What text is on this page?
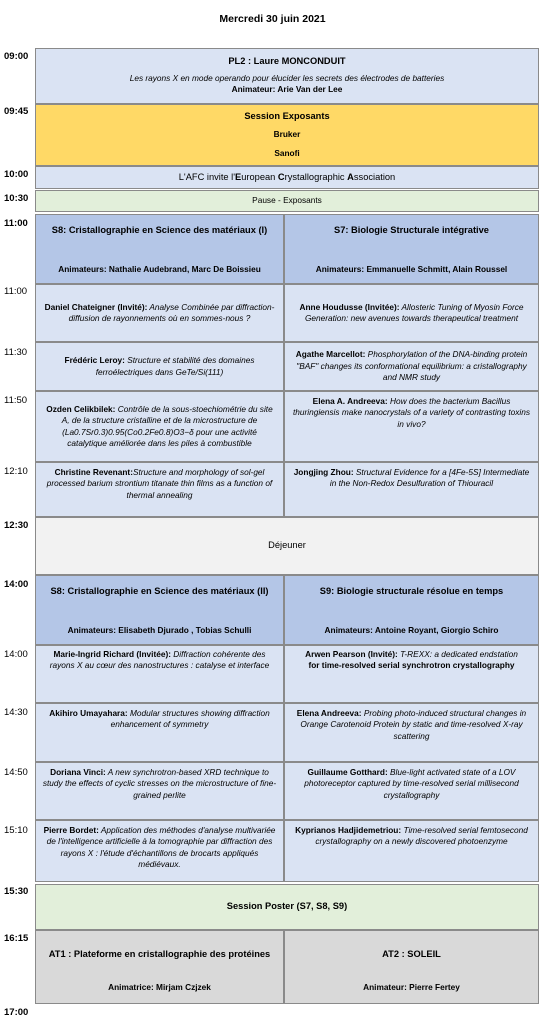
Mercredi 30 juin 2021
09:00
09:45
10:00
10:30
11:00
11:00
11:30
11:50
12:10
12:30
14:00
14:00
14:30
14:50
15:10
15:30
16:15
17:00
PL2 : Laure MONCONDUIT
Les rayons X en mode operando pour élucider les secrets des électrodes de batteries
Animateur: Arie Van der Lee
Session Exposants
Bruker
Sanofi
L'AFC invite l' E uropean C rystallographic A ssociation
Pause - Exposants
S8: Cristallographie en Science des matériaux (I)
Animateurs: Nathalie Audebrand, Marc De Boissieu
S7: Biologie Structurale intégrative
Animateurs: Emmanuelle Schmitt, Alain Roussel

Daniel Chateigner (Invité): Analyse Combinée par diffraction-diffusion de rayonnements où en sommes-nous ?

Anne Houdusse (Invitée): Allosteric Tuning of Myosin Force Generation: new avenues towards therapeutical treatment

Frédéric Leroy: Structure et stabilité des domaines ferroélectriques dans GeTe/Si(111)

Agathe Marcellot: Phosphorylation of the DNA-binding protein "BAF" changes its conformational equilibrium: a cristallography and NMR study

Ozden Celikbilek: Contrôle de la sous-stoechiométrie du site A, de la structure cristalline et de la microstructure de (La0.7Sr0.3)0.95(Co0.2Fe0.8)O3−δ pour une activité catalytique améliorée dans les piles à combustible

Elena A. Andreeva: How does the bacterium Bacillus thuringiensis make nanocrystals of a variety of contrasting toxins in vivo?

Christine Revenant:Structure and morphology of sol-gel processed barium strontium titanate thin films as a function of thermal annealing

Jongjing Zhou: Structural Evidence for a [4Fe-5S] Intermediate in the Non-Redox Desulfuration of Thiouracil

Déjeuner
S8: Cristallographie en Science des matériaux (II)
Animateurs: Elisabeth Djurado , Tobias Schulli
S9: Biologie structurale résolue en temps
Animateurs: Antoine Royant, Giorgio Schiro

Marie-Ingrid Richard (Invitée): Diffraction cohérente des rayons X au cœur des nanostructures : catalyse et interface

Arwen Pearson (Invité): T-REXX: a dedicated endstation

for time-resolved serial synchrotron crystallography

Akihiro Umayahara: Modular structures showing diffraction enhancement of symmetry

Elena Andreeva: Probing photo-induced structural changes in Orange Carotenoid Protein by static and time-resolved X-ray scattering

Doriana Vinci: A new synchrotron-based XRD technique to study the effects of cyclic stresses on the microstructure of fine-grained perlite

Guillaume Gotthard: Blue-light activated state of a LOV photoreceptor captured by time-resolved serial millisecond crystallography

Pierre Bordet: Application des méthodes d'analyse multivariée de l'intelligence artificielle à la tomographie par diffraction des rayons X : l'étude d'échantillons de brocarts appliqués médiévaux.

Kyprianos Hadjidemetriou: Time-resolved serial femtosecond crystallography on a newly discovered photoenzyme

Session Poster (S7, S8, S9)
AT1 : Plateforme en cristallographie des protéines
Animatrice: Mirjam Czjzek
AT2 : SOLEIL
Animateur: Pierre Fertey
